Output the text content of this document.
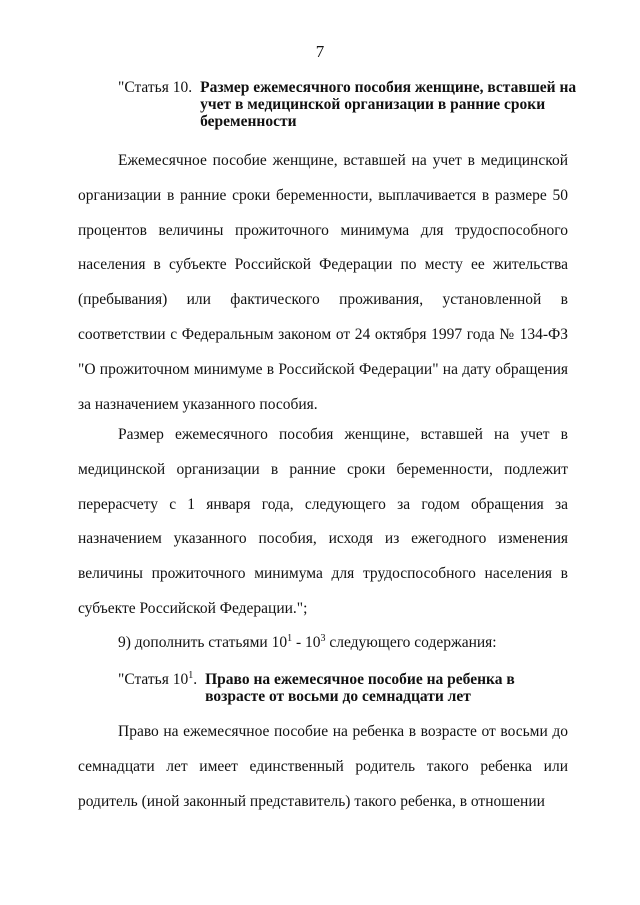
7
"Статья 10. Размер ежемесячного пособия женщине, вставшей на учет в медицинской организации в ранние сроки беременности

Ежемесячное пособие женщине, вставшей на учет в медицинской организации в ранние сроки беременности, выплачивается в размере 50 процентов величины прожиточного минимума для трудоспособного населения в субъекте Российской Федерации по месту ее жительства (пребывания) или фактического проживания, установленной в соответствии с Федеральным законом от 24 октября 1997 года № 134-ФЗ "О прожиточном минимуме в Российской Федерации" на дату обращения за назначением указанного пособия.

Размер ежемесячного пособия женщине, вставшей на учет в медицинской организации в ранние сроки беременности, подлежит перерасчету с 1 января года, следующего за годом обращения за назначением указанного пособия, исходя из ежегодного изменения величины прожиточного минимума для трудоспособного населения в субъекте Российской Федерации.";

9) дополнить статьями $10^1 - 10^3$ следующего содержания:

"Статья $10^1$. Право на ежемесячное пособие на ребенка в возрасте от восьми до семнадцати лет

Право на ежемесячное пособие на ребенка в возрасте от восьми до семнадцати лет имеет единственный родитель такого ребенка или родитель (иной законный представитель) такого ребенка, в отношении
